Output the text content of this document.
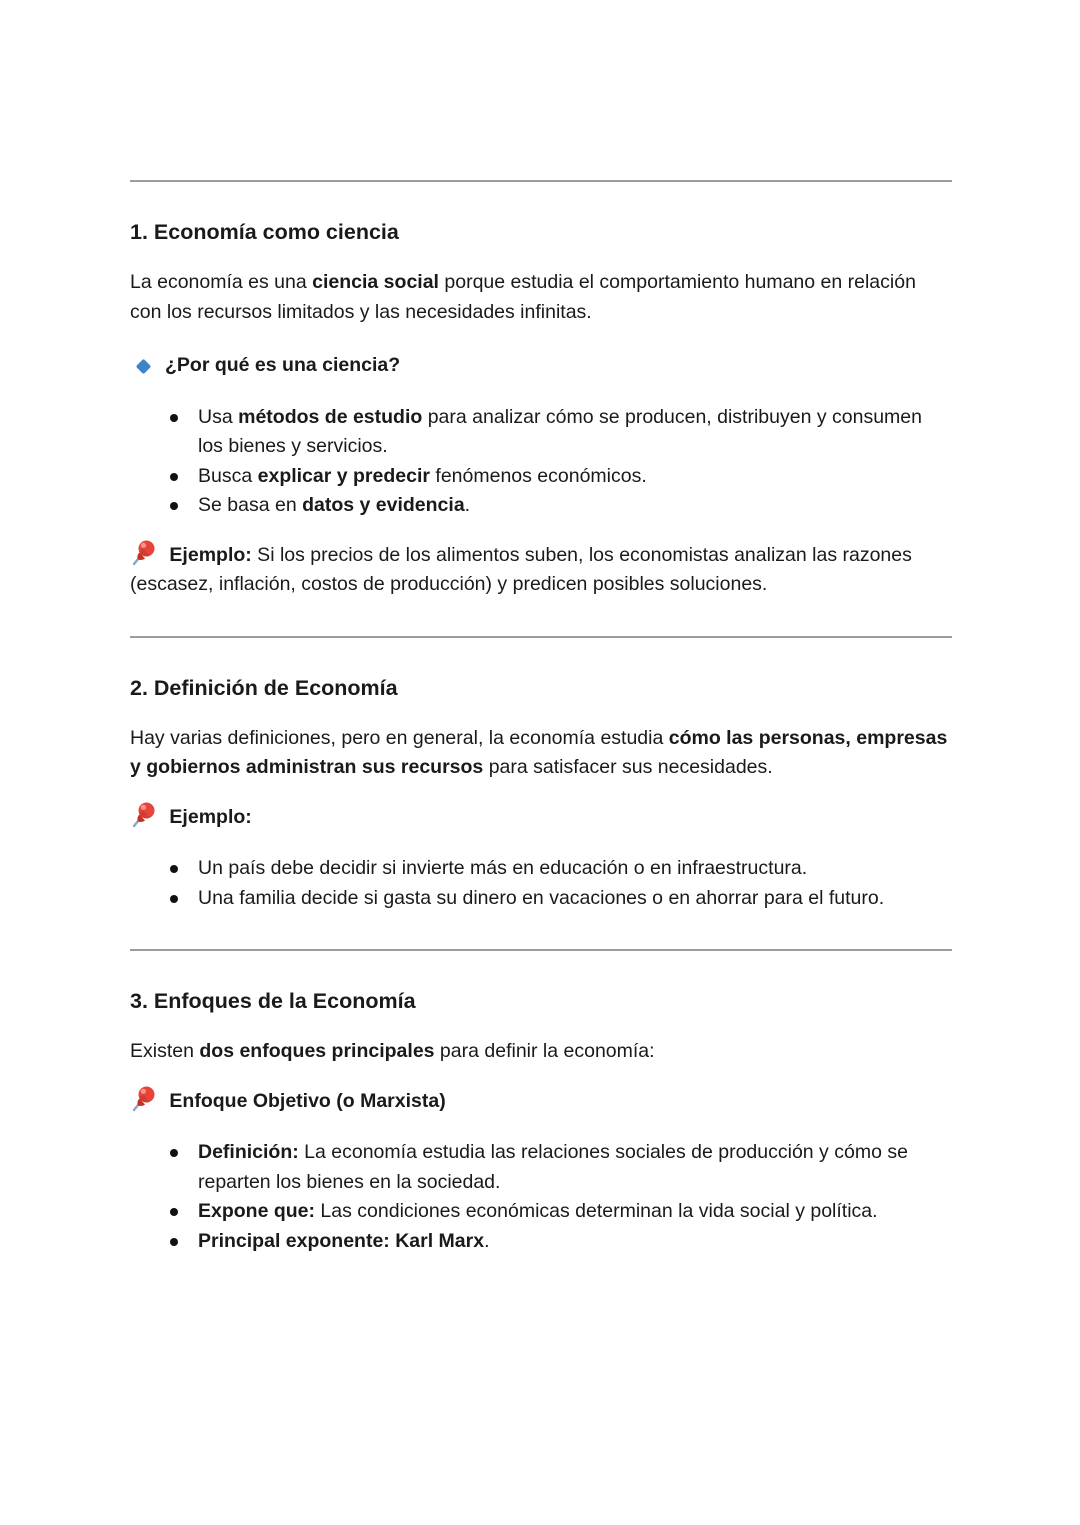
1. Economía como ciencia

La economía es una ciencia social porque estudia el comportamiento humano en relación con los recursos limitados y las necesidades infinitas.

¿Por qué es una ciencia?
Usa métodos de estudio para analizar cómo se producen, distribuyen y consumen los bienes y servicios.
Busca explicar y predecir fenómenos económicos.
Se basa en datos y evidencia.

Ejemplo: Si los precios de los alimentos suben, los economistas analizan las razones (escasez, inflación, costos de producción) y predicen posibles soluciones.

2. Definición de Economía

Hay varias definiciones, pero en general, la economía estudia cómo las personas, empresas y gobiernos administran sus recursos para satisfacer sus necesidades.

Ejemplo:

Un país debe decidir si invierte más en educación o en infraestructura.
Una familia decide si gasta su dinero en vacaciones o en ahorrar para el futuro.
3. Enfoques de la Economía

Existen dos enfoques principales para definir la economía:

Enfoque Objetivo (o Marxista)

Definición: La economía estudia las relaciones sociales de producción y cómo se reparten los bienes en la sociedad.
Expone que: Las condiciones económicas determinan la vida social y política.
Principal exponente: Karl Marx.
